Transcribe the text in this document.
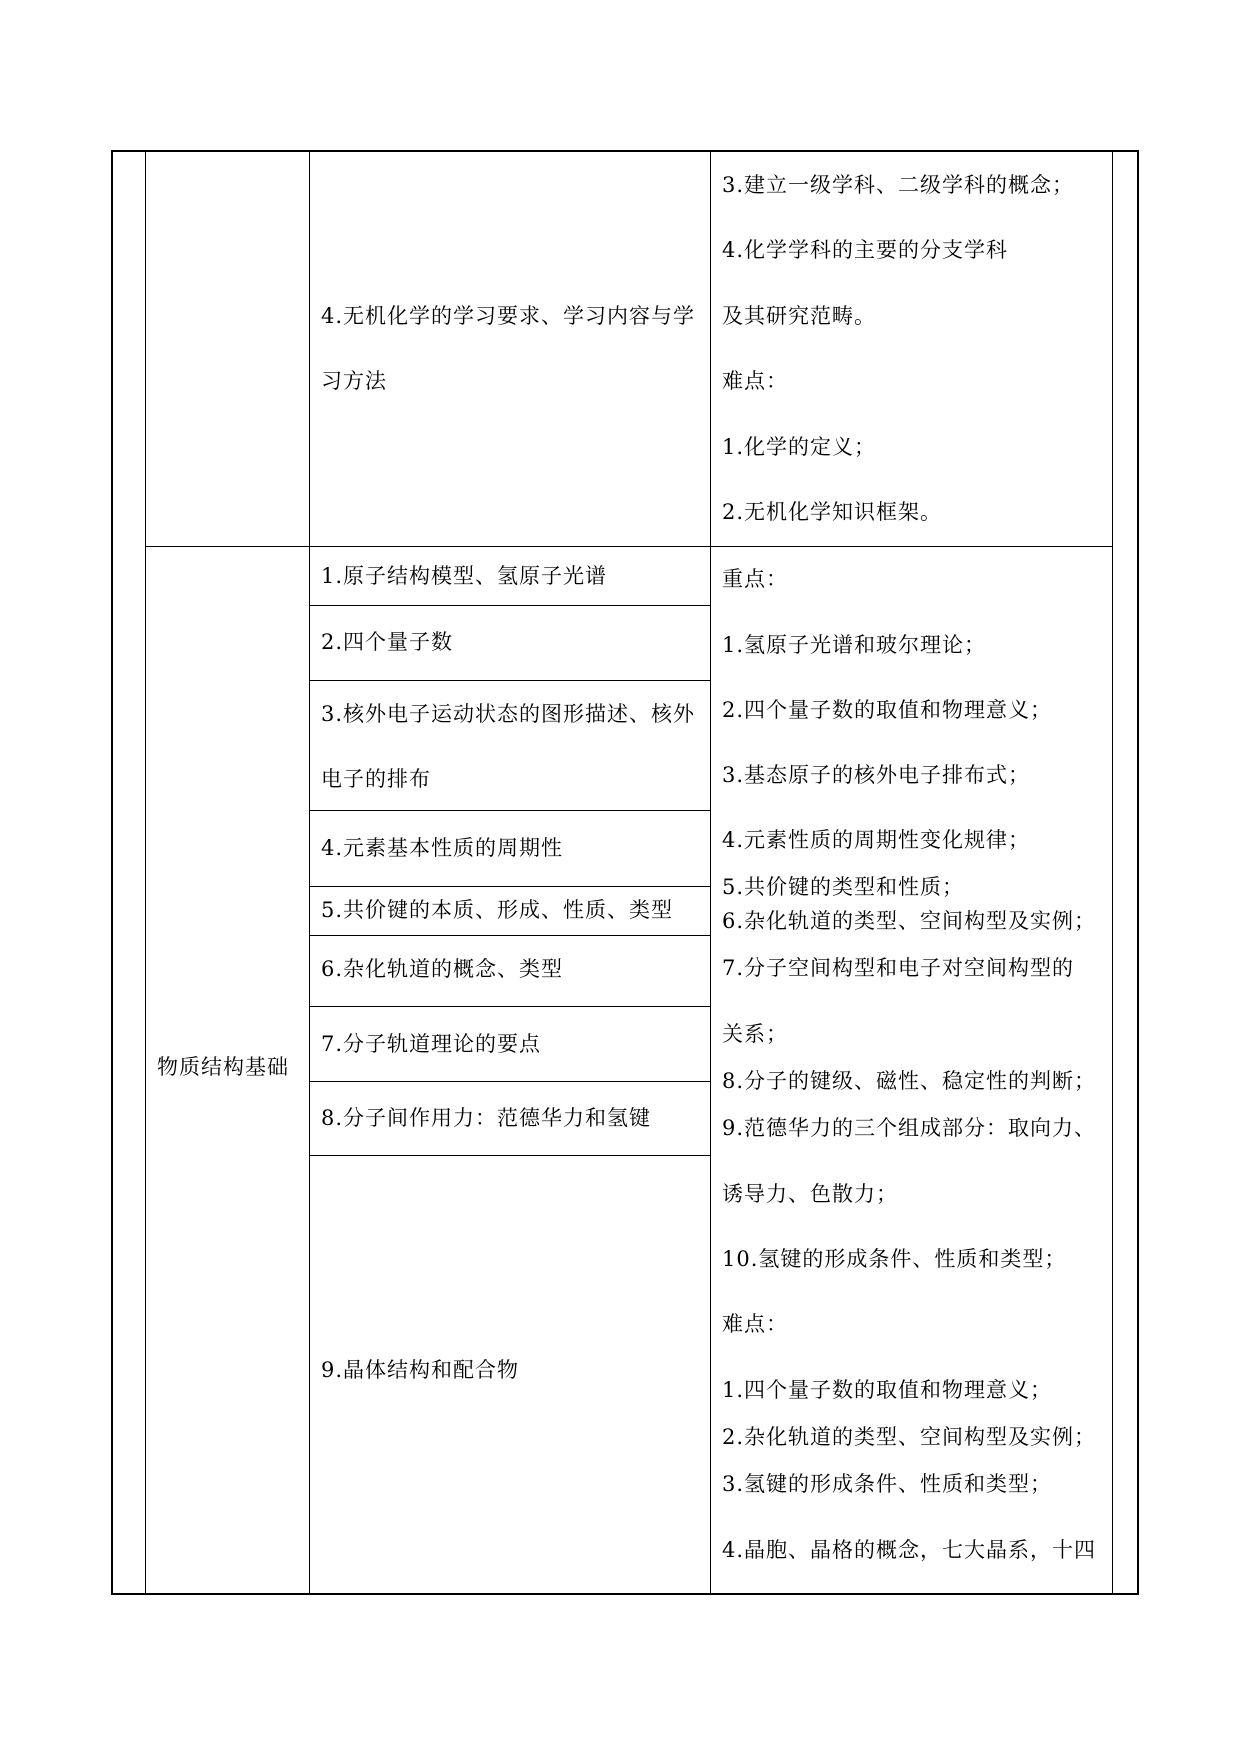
4.无机化学的学习要求、学习内容与学
习方法
3.建立一级学科、二级学科的概念；
4.化学学科的主要的分支学科
及其研究范畴。
难点：
1.化学的定义；
2.无机化学知识框架。
物质结构基础
1.原子结构模型、氢原子光谱
2.四个量子数
3.核外电子运动状态的图形描述、核外
电子的排布
4.元素基本性质的周期性
5.共价键的本质、形成、性质、类型
6.杂化轨道的概念、类型
7.分子轨道理论的要点
8.分子间作用力：范德华力和氢键
9.晶体结构和配合物
重点：
1.氢原子光谱和玻尔理论；
2.四个量子数的取值和物理意义；
3.基态原子的核外电子排布式；
4.元素性质的周期性变化规律；
5.共价键的类型和性质；
6.杂化轨道的类型、空间构型及实例；
7.分子空间构型和电子对空间构型的
关系；
8.分子的键级、磁性、稳定性的判断；
9.范德华力的三个组成部分：取向力、
诱导力、色散力；
10.氢键的形成条件、性质和类型；
难点：
1.四个量子数的取值和物理意义；
2.杂化轨道的类型、空间构型及实例；
3.氢键的形成条件、性质和类型；
4.晶胞、晶格的概念，七大晶系，十四
